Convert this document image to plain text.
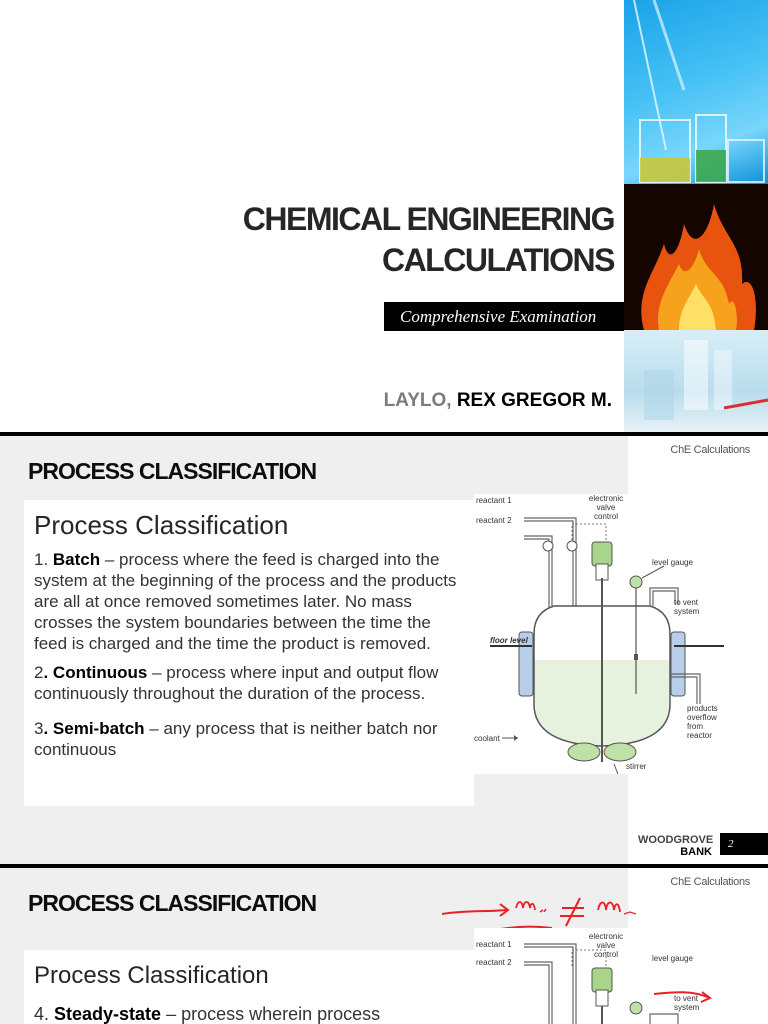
CHEMICAL ENGINEERING
CALCULATIONS
Comprehensive Examination
LAYLO, REX GREGOR M.
PROCESS CLASSIFICATION
ChE Calculations
Process Classification
1. Batch – process where the feed is charged into the system at the beginning of the process and the products are all at once removed sometimes later. No mass crosses the system boundaries between the time the feed is charged and the time the product is removed.
2. Continuous – process where input and output flow continuously throughout the duration of the process.
3. Semi-batch – any process that is neither batch nor continuous
reactant 1
reactant 2
electronic
valve
control
level gauge
to vent
system
floor level
products
overflow
from
reactor
coolant
stirrer
WOODGROVE
BANK
2
PROCESS CLASSIFICATION
ChE Calculations
Process Classification
4. Steady-state – process wherein process
reactant 1
reactant 2
electronic
valve
control	level gauge
to vent
system
